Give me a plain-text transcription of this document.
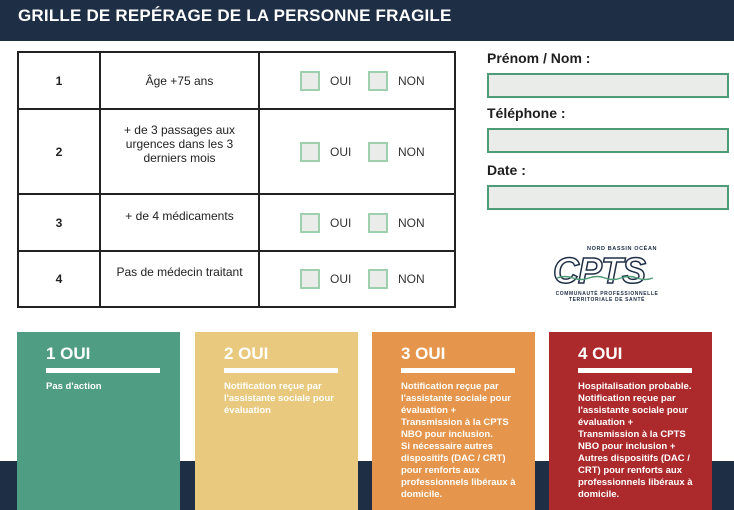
GRILLE DE REPÉRAGE DE LA PERSONNE FRAGILE
1	Âge +75 ans	OUI NON

2	+ de 3 passages aux urgences dans les 3 derniers mois	OUI NON

3	+ de 4 médicaments	OUI NON

4	Pas de médecin traitant	OUI NON
Prénom / Nom :
Téléphone :
Date :
NORD BASSIN OCÉAN
CPTS
COMMUNAUTÉ PROFESSIONNELLE
TERRITORIALE DE SANTÉ
1 OUI
Pas d'action
2 OUI
Notification reçue par
l'assistante sociale pour
évaluation
3 OUI
Notification reçue par
l'assistante sociale pour
évaluation +
Transmission à la CPTS
NBO pour inclusion.
Si nécessaire autres
dispositifs (DAC / CRT)
pour renforts aux
professionnels libéraux à
domicile.
4 OUI
Hospitalisation probable.
Notification reçue par
l'assistante sociale pour
évaluation +
Transmission à la CPTS
NBO pour inclusion +
Autres dispositifs (DAC /
CRT) pour renforts aux
professionnels libéraux à
domicile.
